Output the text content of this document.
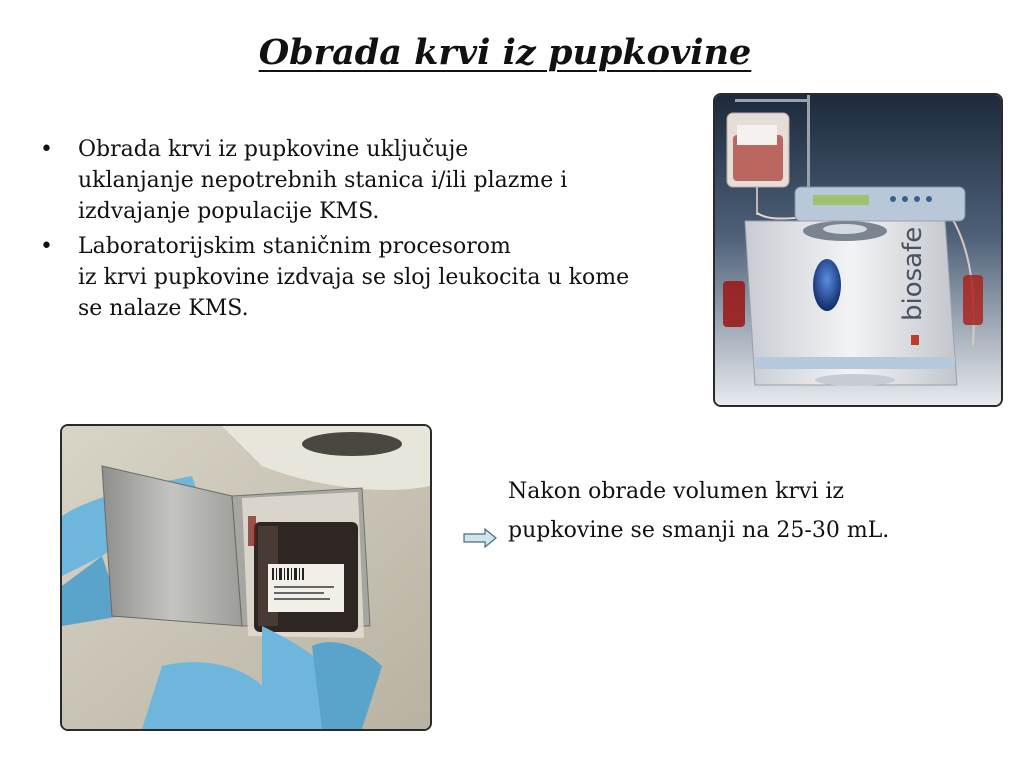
Obrada krvi iz pupkovine
• Obrada krvi iz pupkovine uključuje
uklanjanje nepotrebnih stanica i/ili plazme i
izdvajanje populacije KMS.
• Laboratorijskim staničnim procesorom
iz krvi pupkovine izdvaja se sloj leukocita u kome
se nalaze KMS.	biosafe
Nakon obrade volumen krvi iz
pupkovine se smanji na 25-30 mL.
